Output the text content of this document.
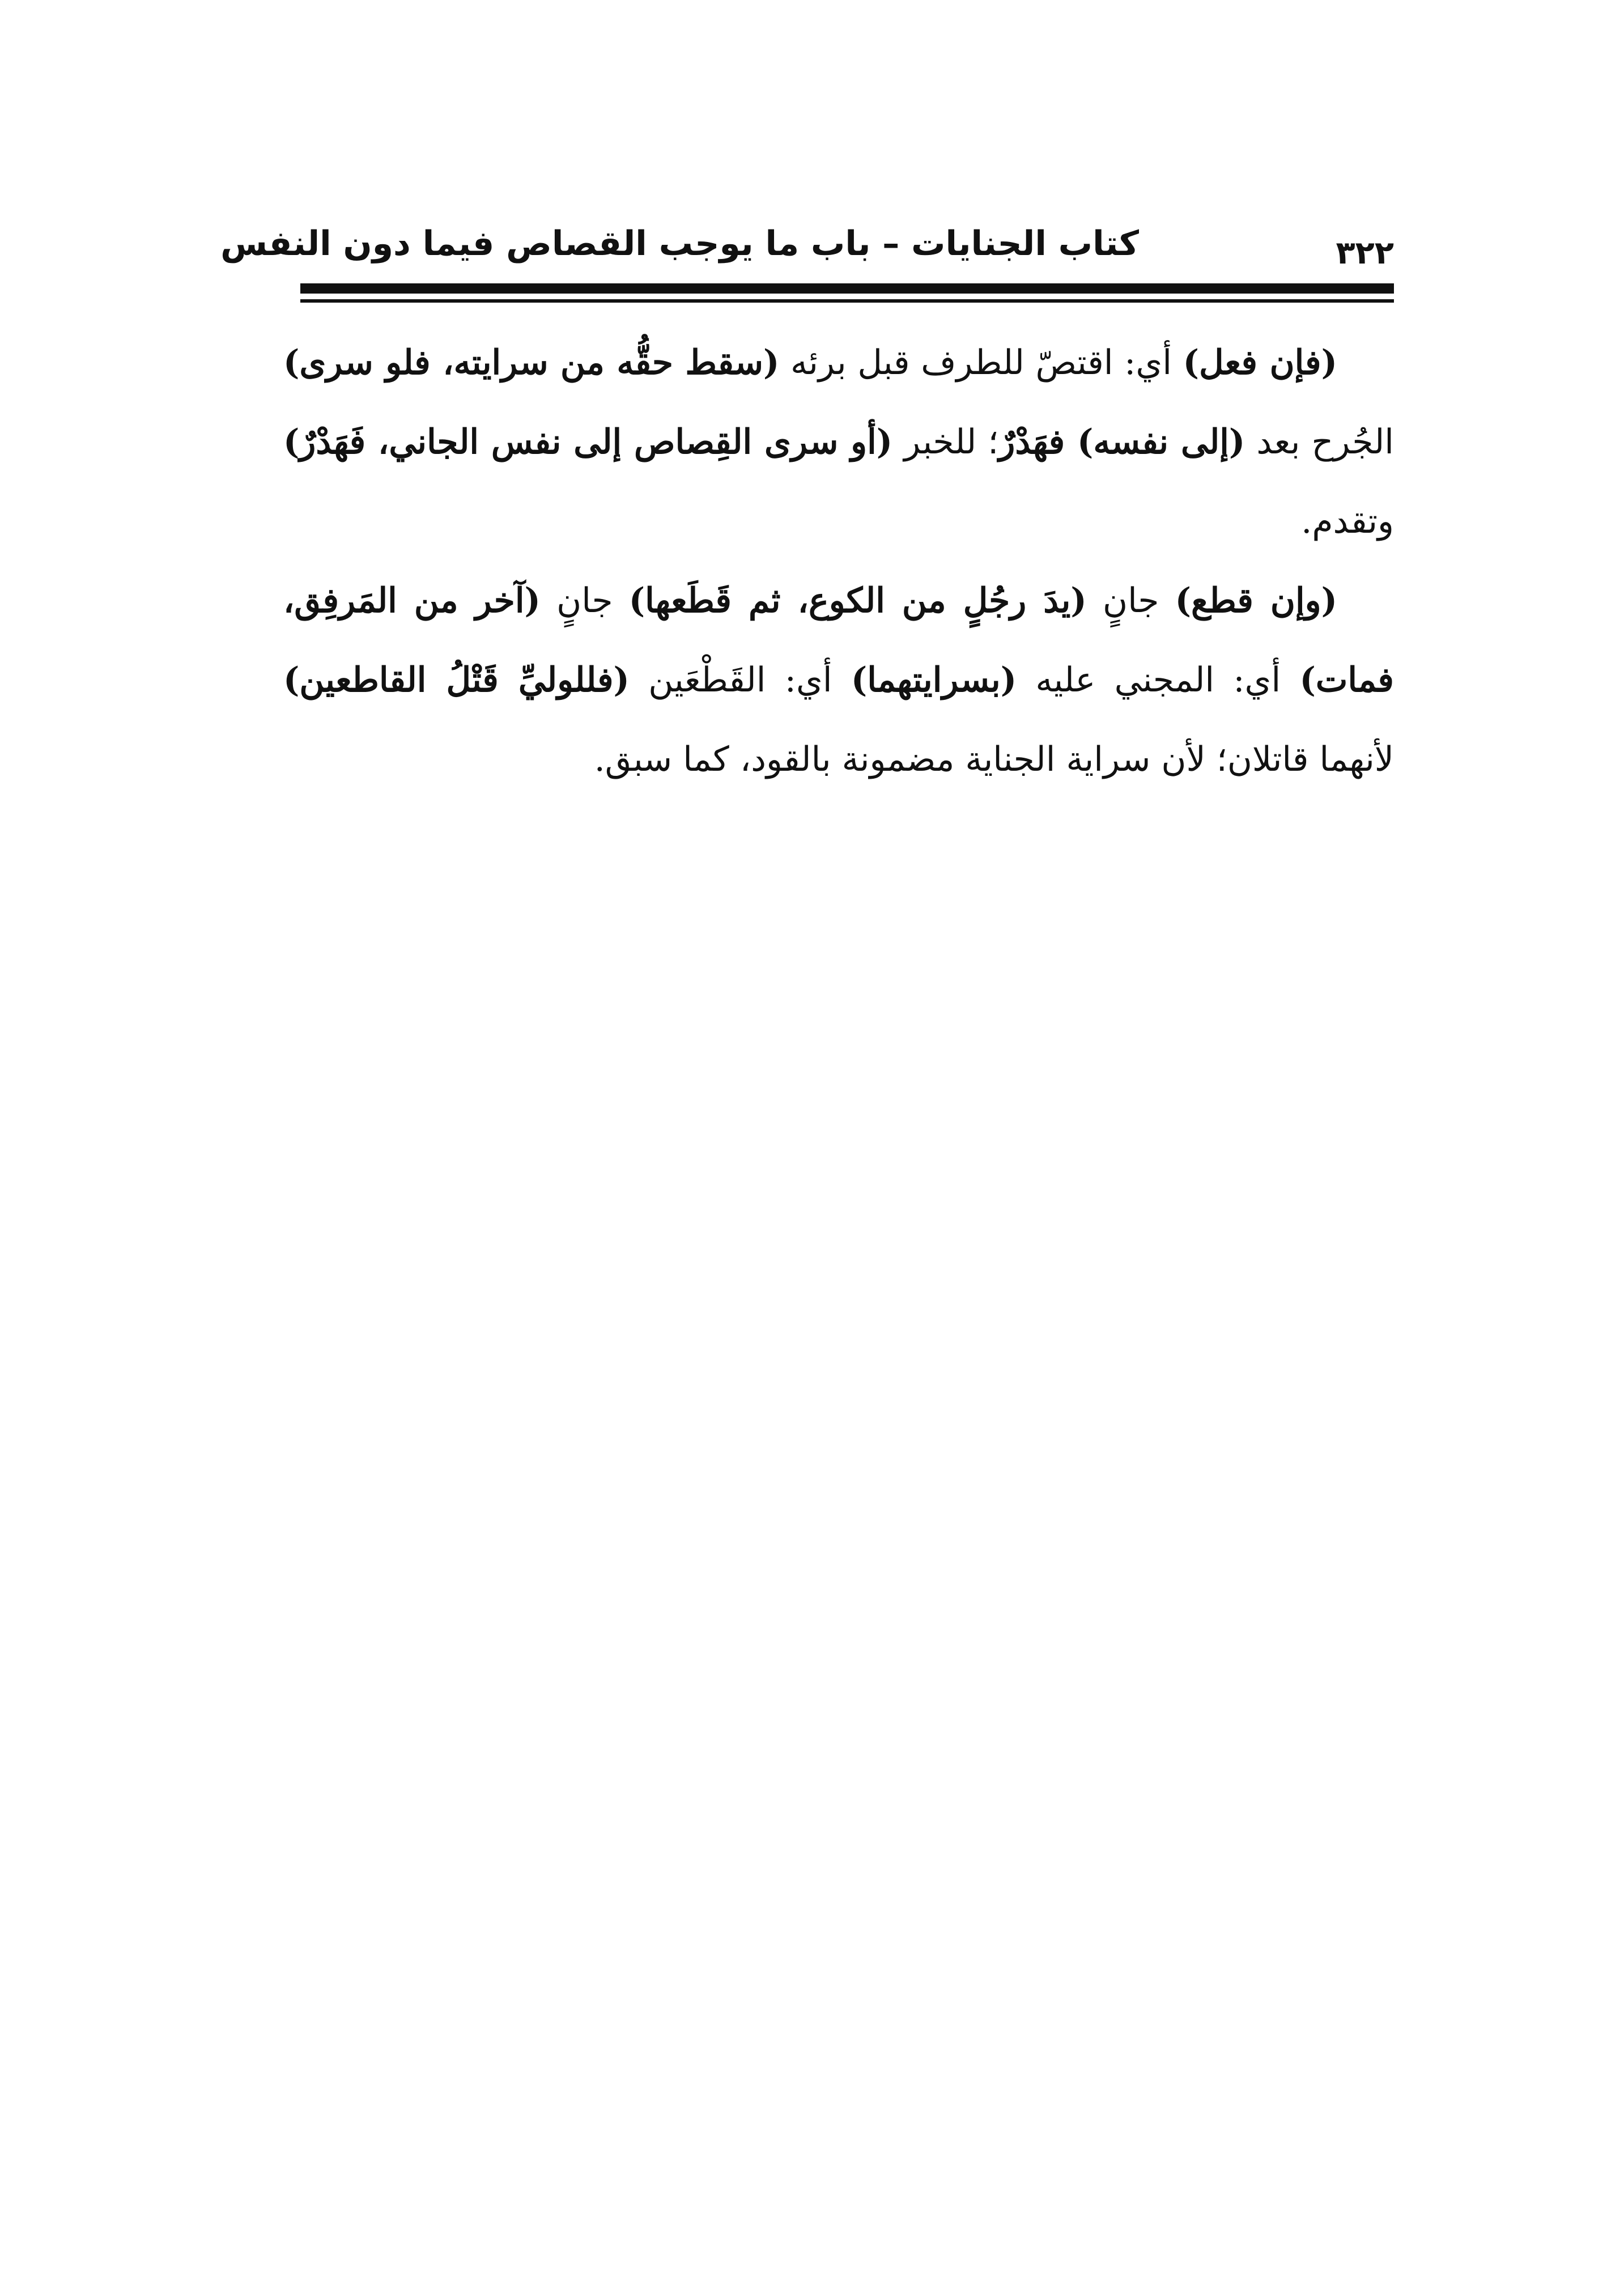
كتاب الجنايات – باب ما يوجب القصاص فيما دون النفس	٣٢٢

(فإن فعل) أي: اقتصّ للطرف قبل برئه (سقط حقُّه من سرايته، فلو سرى) الجُرح بعد (إلى نفسه) فهَدْرٌ؛ للخبر (أو سرى القِصاص إلى نفس الجاني، فَهَدْرٌ) وتقدم.

(وإن قطع) جانٍ (يدَ رجُلٍ من الكوع، ثم قَطَعها) جانٍ (آخر من المَرفِق، فمات) أي: المجني عليه (بسرايتهما) أي: القَطْعَين (فللوليِّ قَتْلُ القاطعين) لأنهما قاتلان؛ لأن سراية الجناية مضمونة بالقود، كما سبق.
